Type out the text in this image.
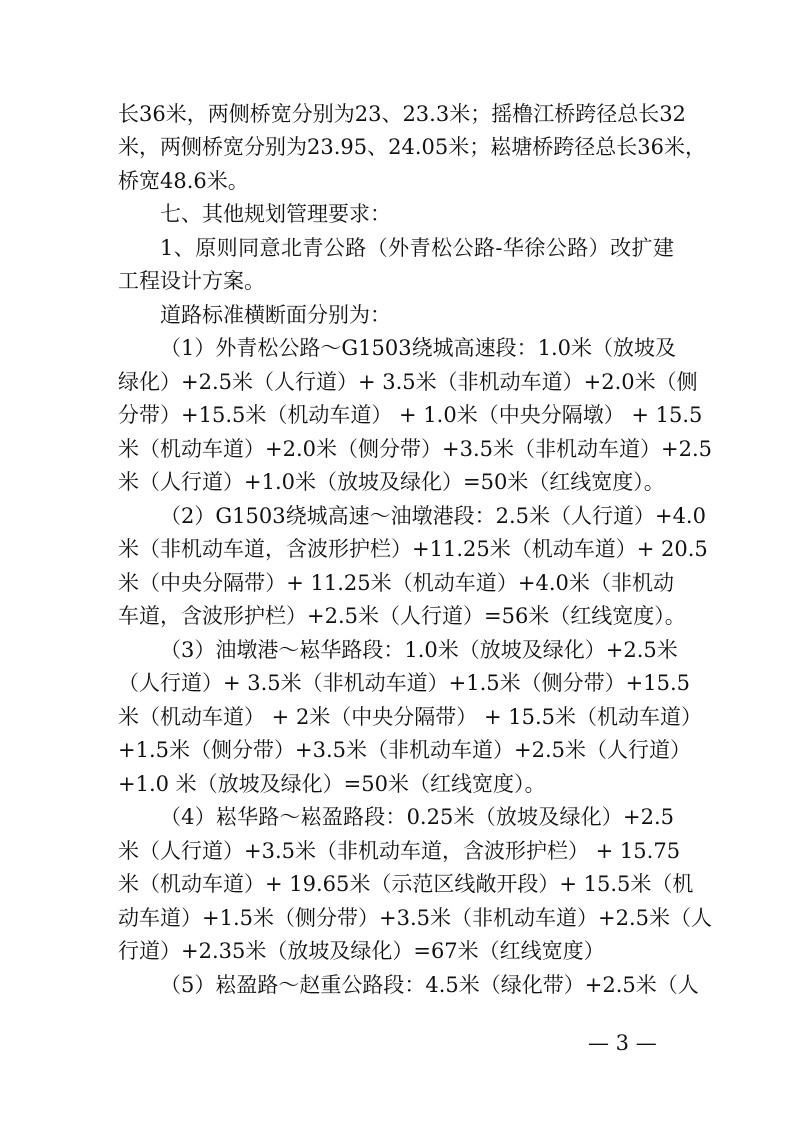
长36米，两侧桥宽分别为23、23.3米；摇橹江桥跨径总长32
米，两侧桥宽分别为23.95、24.05米；崧塘桥跨径总长36米，
桥宽48.6米。
七、其他规划管理要求：
1、原则同意北青公路（外青松公路-华徐公路）改扩建
工程设计方案。
道路标准横断面分别为：
（1）外青松公路～G1503绕城高速段：1.0米（放坡及
绿化）+2.5米（人行道）+ 3.5米（非机动车道）+2.0米（侧
分带）+15.5米（机动车道） + 1.0米（中央分隔墩） + 15.5
米（机动车道）+2.0米（侧分带）+3.5米（非机动车道）+2.5
米（人行道）+1.0米（放坡及绿化）=50米（红线宽度）。
（2）G1503绕城高速～油墩港段：2.5米（人行道）+4.0
米（非机动车道，含波形护栏）+11.25米（机动车道）+ 20.5
米（中央分隔带）+ 11.25米（机动车道）+4.0米（非机动
车道，含波形护栏）+2.5米（人行道）=56米（红线宽度）。
（3）油墩港～崧华路段：1.0米（放坡及绿化）+2.5米
（人行道）+ 3.5米（非机动车道）+1.5米（侧分带）+15.5
米（机动车道） + 2米（中央分隔带） + 15.5米（机动车道）
+1.5米（侧分带）+3.5米（非机动车道）+2.5米（人行道）
+1.0 米（放坡及绿化）=50米（红线宽度）。
（4）崧华路～崧盈路段：0.25米（放坡及绿化）+2.5
米（人行道）+3.5米（非机动车道，含波形护栏） + 15.75
米（机动车道）+ 19.65米（示范区线敞开段）+ 15.5米（机
动车道）+1.5米（侧分带）+3.5米（非机动车道）+2.5米（人
行道）+2.35米（放坡及绿化）=67米（红线宽度）
（5）崧盈路～赵重公路段：4.5米（绿化带）+2.5米（人
— 3 —
